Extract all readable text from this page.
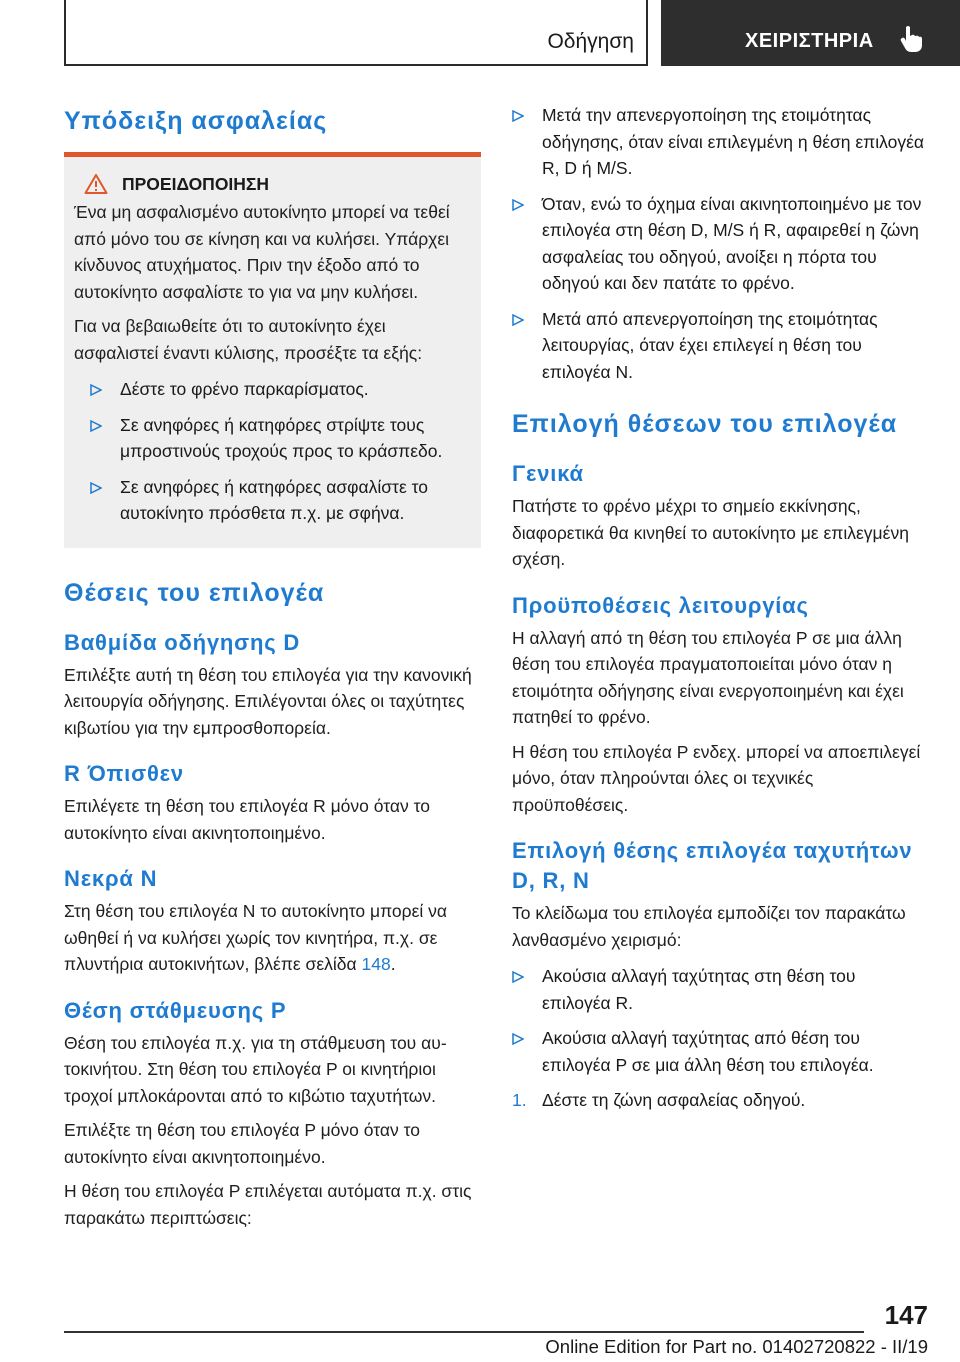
Οδήγηση	ΧΕΙΡΙΣΤΗΡΙΑ
Υπόδειξη ασφαλείας
ΠΡΟΕΙΔΟΠΟΙΗΣΗ

Ένα μη ασφαλισμένο αυτοκίνητο μπορεί να τεθεί από μόνο του σε κίνηση και να κυλήσει. Υπάρχει κίνδυνος ατυχήματος. Πριν την έξοδο από το αυτοκίνητο ασφαλίστε το για να μην κυλήσει.

Για να βεβαιωθείτε ότι το αυτοκίνητο έχει ασφαλιστεί έναντι κύλισης, προσέξτε τα εξής:

Δέστε το φρένο παρκαρίσματος.
Σε ανηφόρες ή κατηφόρες στρίψτε τους μπροστινούς τροχούς προς το κράσπεδο.
Σε ανηφόρες ή κατηφόρες ασφαλίστε το αυτοκίνητο πρόσθετα π.χ. με σφήνα.
Θέσεις του επιλογέα
Βαθμίδα οδήγησης D

Επιλέξτε αυτή τη θέση του επιλογέα για την κανονική λειτουργία οδήγησης. Επιλέγονται όλες οι ταχύτητες κιβωτίου για την εμπροσθοπορεία.

R Όπισθεν

Επιλέγετε τη θέση του επιλογέα R μόνο όταν το αυτοκίνητο είναι ακινητοποιημένο.

Νεκρά N

Στη θέση του επιλογέα N το αυτοκίνητο μπορεί να ωθηθεί ή να κυλήσει χωρίς τον κινητήρα, π.χ. σε πλυντήρια αυτοκινήτων, βλέπε σελίδα 148.

Θέση στάθμευσης P

Θέση του επιλογέα π.χ. για τη στάθμευση του αυτοκινήτου. Στη θέση του επιλογέα P οι κινητήριοι τροχοί μπλοκάρονται από το κιβώτιο ταχυτήτων.

Επιλέξτε τη θέση του επιλογέα P μόνο όταν το αυτοκίνητο είναι ακινητοποιημένο.

Η θέση του επιλογέα P επιλέγεται αυτόματα π.χ. στις παρακάτω περιπτώσεις:

Μετά την απενεργοποίηση της ετοιμότητας οδήγησης, όταν είναι επιλεγμένη η θέση επιλογέα R, D ή M/S.
Όταν, ενώ το όχημα είναι ακινητοποιημένο με τον επιλογέα στη θέση D, M/S ή R, αφαιρεθεί η ζώνη ασφαλείας του οδηγού, ανοίξει η πόρτα του οδηγού και δεν πατάτε το φρένο.
Μετά από απενεργοποίηση της ετοιμότητας λειτουργίας, όταν έχει επιλεγεί η θέση του επιλογέα N.
Επιλογή θέσεων του επιλογέα
Γενικά

Πατήστε το φρένο μέχρι το σημείο εκκίνησης, διαφορετικά θα κινηθεί το αυτοκίνητο με επιλεγμένη σχέση.

Προϋποθέσεις λειτουργίας

Η αλλαγή από τη θέση του επιλογέα P σε μια άλλη θέση του επιλογέα πραγματοποιείται μόνο όταν η ετοιμότητα οδήγησης είναι ενεργοποιημένη και έχει πατηθεί το φρένο.

Η θέση του επιλογέα P ενδεχ. μπορεί να αποεπιλεγεί μόνο, όταν πληρούνται όλες οι τεχνικές προϋποθέσεις.

Επιλογή θέσης επιλογέα ταχυτήτων D, R, N

Το κλείδωμα του επιλογέα εμποδίζει τον παρακάτω λανθασμένο χειρισμό:

Ακούσια αλλαγή ταχύτητας στη θέση του επιλογέα R.
Ακούσια αλλαγή ταχύτητας από θέση του επιλογέα P σε μια άλλη θέση του επιλογέα.
1. Δέστε τη ζώνη ασφαλείας οδηγού.
147
Online Edition for Part no. 01402720822 - II/19
